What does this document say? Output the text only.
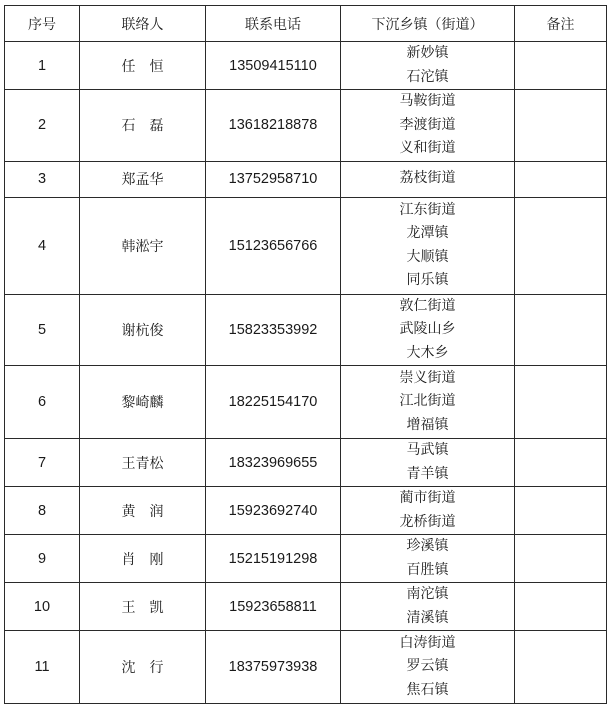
序号	联络人	联系电话	下沉乡镇（街道）	备注
1	任　恒	13509415110	新妙镇
石沱镇	

2	石　磊	13618218878	马鞍街道
李渡街道
义和街道	

3	郑孟华	13752958710	荔枝街道	

4	韩淞宇	15123656766	江东街道
龙潭镇
大顺镇
同乐镇	

5	谢杭俊	15823353992	敦仁街道
武陵山乡
大木乡	

6	黎崎麟	18225154170	崇义街道
江北街道
增福镇	

7	王青松	18323969655	马武镇
青羊镇	

8	黄　润	15923692740	蔺市街道
龙桥街道	

9	肖　刚	15215191298	珍溪镇
百胜镇	

10	王　凯	15923658811	南沱镇
清溪镇	

11	沈　行	18375973938	白涛街道
罗云镇
焦石镇	
